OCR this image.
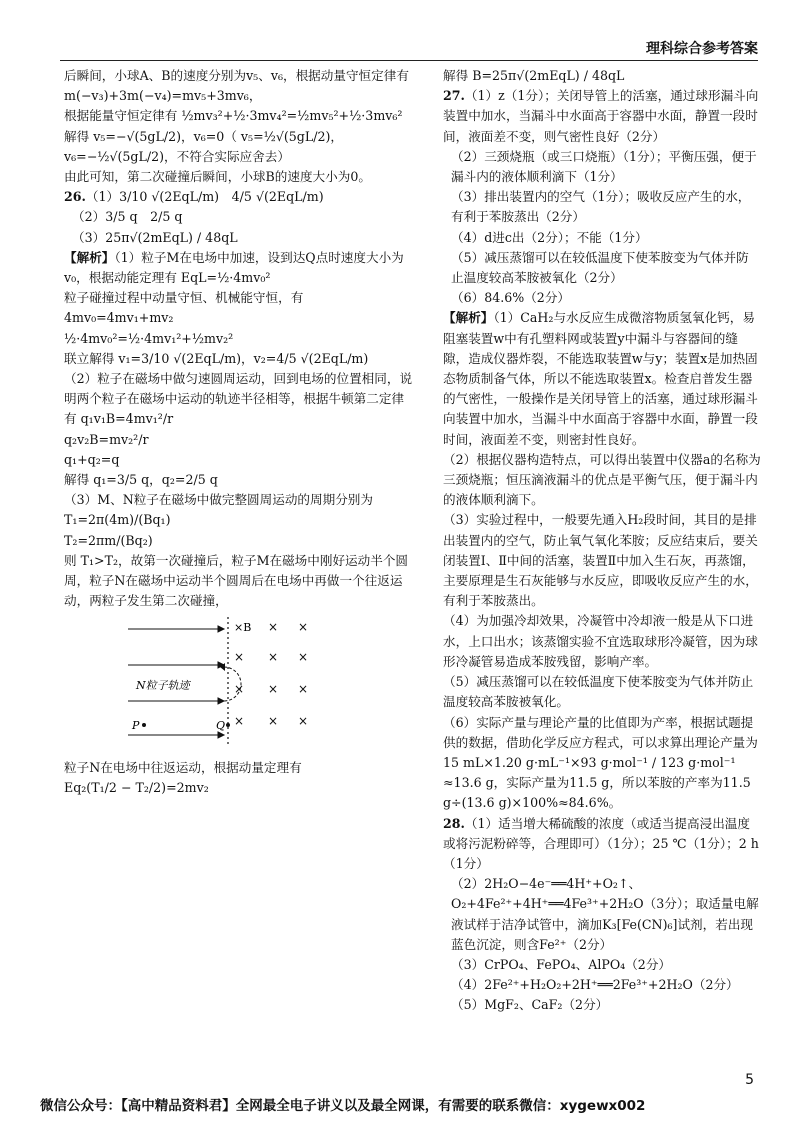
理科综合参考答案

后瞬间，小球A、B的速度分别为v₅、v₆，根据动量守恒定律有 m(−v₃)+3m(−v₄)=mv₅+3mv₆，

根据能量守恒定律有 ½mv₃²+½·3mv₄²=½mv₅²+½·3mv₆²

解得 v₅=−√(5gL/2)，v₆=0（ v₅=½√(5gL/2)， v₆=−½√(5gL/2)，不符合实际应舍去）

由此可知，第二次碰撞后瞬间，小球B的速度大小为0。

26.（1）3/10 √(2EqL/m)　4/5 √(2EqL/m)

（2）3/5 q　2/5 q

（3）25π√(2mEqL) / 48qL

【解析】（1）粒子M在电场中加速，设到达Q点时速度大小为v₀，根据动能定理有 EqL=½·4mv₀²

粒子碰撞过程中动量守恒、机械能守恒，有 4mv₀=4mv₁+mv₂

½·4mv₀²=½·4mv₁²+½mv₂²

联立解得 v₁=3/10 √(2EqL/m)，v₂=4/5 √(2EqL/m)

（2）粒子在磁场中做匀速圆周运动，回到电场的位置相同，说明两个粒子在磁场中运动的轨迹半径相等，根据牛顿第二定律有 q₁v₁B=4mv₁²/r

q₂v₂B=mv₂²/r

q₁+q₂=q

解得 q₁=3/5 q，q₂=2/5 q

（3）M、N粒子在磁场中做完整圆周运动的周期分别为 T₁=2π(4m)/(Bq₁)

T₂=2πm/(Bq₂)

则 T₁>T₂，故第一次碰撞后，粒子M在磁场中刚好运动半个圆周，粒子N在磁场中运动半个圆周后在电场中再做一个往返运动，两粒子发生第二次碰撞，

N粒子轨迹
P	Q
×B × ×
× × ×
× × ×
× × ×

粒子N在电场中往返运动，根据动量定理有

Eq₂(T₁/2 − T₂/2)=2mv₂

解得 B=25π√(2mEqL) / 48qL

27.（1）z（1分）；关闭导管上的活塞，通过球形漏斗向装置中加水，当漏斗中水面高于容器中水面，静置一段时间，液面差不变，则气密性良好（2分）

（2）三颈烧瓶（或三口烧瓶）（1分）；平衡压强，便于漏斗内的液体顺利滴下（1分）

（3）排出装置内的空气（1分）；吸收反应产生的水，有利于苯胺蒸出（2分）

（4）d进c出（2分）；不能（1分）

（5）减压蒸馏可以在较低温度下使苯胺变为气体并防止温度较高苯胺被氧化（2分）

（6）84.6%（2分）

【解析】（1）CaH₂与水反应生成微溶物质氢氧化钙，易阻塞装置w中有孔塑料网或装置y中漏斗与容器间的缝隙，造成仪器炸裂，不能选取装置w与y；装置x是加热固态物质制备气体，所以不能选取装置x。检查启普发生器的气密性，一般操作是关闭导管上的活塞，通过球形漏斗向装置中加水，当漏斗中水面高于容器中水面，静置一段时间，液面差不变，则密封性良好。

（2）根据仪器构造特点，可以得出装置中仪器a的名称为三颈烧瓶；恒压滴液漏斗的优点是平衡气压，便于漏斗内的液体顺利滴下。

（3）实验过程中，一般要先通入H₂段时间，其目的是排出装置内的空气，防止氧气氧化苯胺；反应结束后，要关闭装置Ⅰ、Ⅱ中间的活塞，装置Ⅱ中加入生石灰，再蒸馏，主要原理是生石灰能够与水反应，即吸收反应产生的水，有利于苯胺蒸出。

（4）为加强冷却效果，冷凝管中冷却液一般是从下口进水，上口出水；该蒸馏实验不宜选取球形冷凝管，因为球形冷凝管易造成苯胺残留，影响产率。

（5）减压蒸馏可以在较低温度下使苯胺变为气体并防止温度较高苯胺被氧化。

（6）实际产量与理论产量的比值即为产率，根据试题提供的数据，借助化学反应方程式，可以求算出理论产量为 15 mL×1.20 g·mL⁻¹×93 g·mol⁻¹ / 123 g·mol⁻¹ ≈13.6 g，实际产量为11.5 g，所以苯胺的产率为11.5 g÷(13.6 g)×100%≈84.6%。

28.（1）适当增大稀硫酸的浓度（或适当提高浸出温度或将污泥粉碎等，合理即可）（1分）；25 ℃（1分）；2 h（1分）

（2）2H₂O−4e⁻══4H⁺+O₂↑、O₂+4Fe²⁺+4H⁺══4Fe³⁺+2H₂O（3分）；取适量电解液试样于洁净试管中，滴加K₃[Fe(CN)₆]试剂，若出现蓝色沉淀，则含Fe²⁺（2分）

（3）CrPO₄、FePO₄、AlPO₄（2分）

（4）2Fe²⁺+H₂O₂+2H⁺══2Fe³⁺+2H₂O（2分）

（5）MgF₂、CaF₂（2分）

5
微信公众号：【高中精品资料君】全网最全电子讲义以及最全网课，有需要的联系微信：xygewx002
